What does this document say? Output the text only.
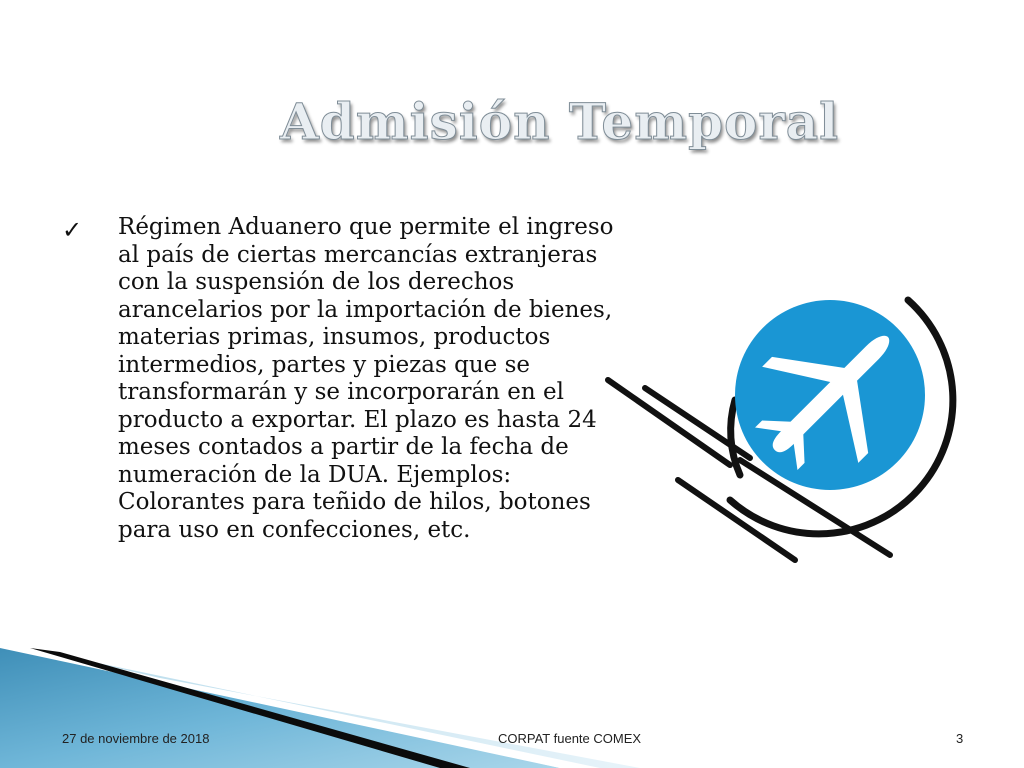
Admisión Temporal
✓ Régimen Aduanero que permite el ingreso al país de ciertas mercancías extranjeras con la suspensión de los derechos arancelarios por la importación de bienes, materias primas, insumos, productos intermedios, partes y piezas que se transformarán y se incorporarán en el producto a exportar. El plazo es hasta 24 meses contados a partir de la fecha de numeración de la DUA. Ejemplos: Colorantes para teñido de hilos, botones para uso en confecciones, etc.
27 de noviembre de 2018	CORPAT fuente COMEX	3
